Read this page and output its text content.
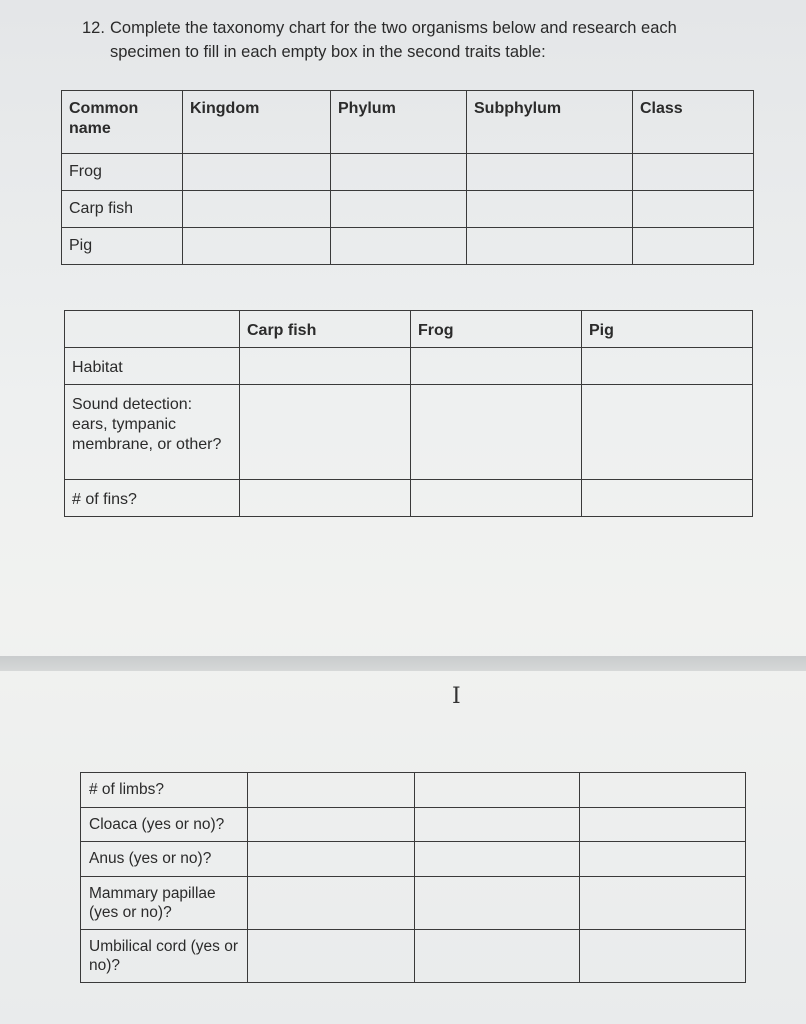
12. Complete the taxonomy chart for the two organisms below and research each
specimen to fill in each empty box in the second traits table:
Common name	Kingdom	Phylum	Subphylum	Class
Frog				
Carp fish				
Pig				
	Carp fish	Frog	Pig
Habitat			
Sound detection: ears, tympanic membrane, or other?			
# of fins?			
I
# of limbs?			
Cloaca (yes or no)?			
Anus (yes or no)?			
Mammary papillae (yes or no)?			
Umbilical cord (yes or no)?			
